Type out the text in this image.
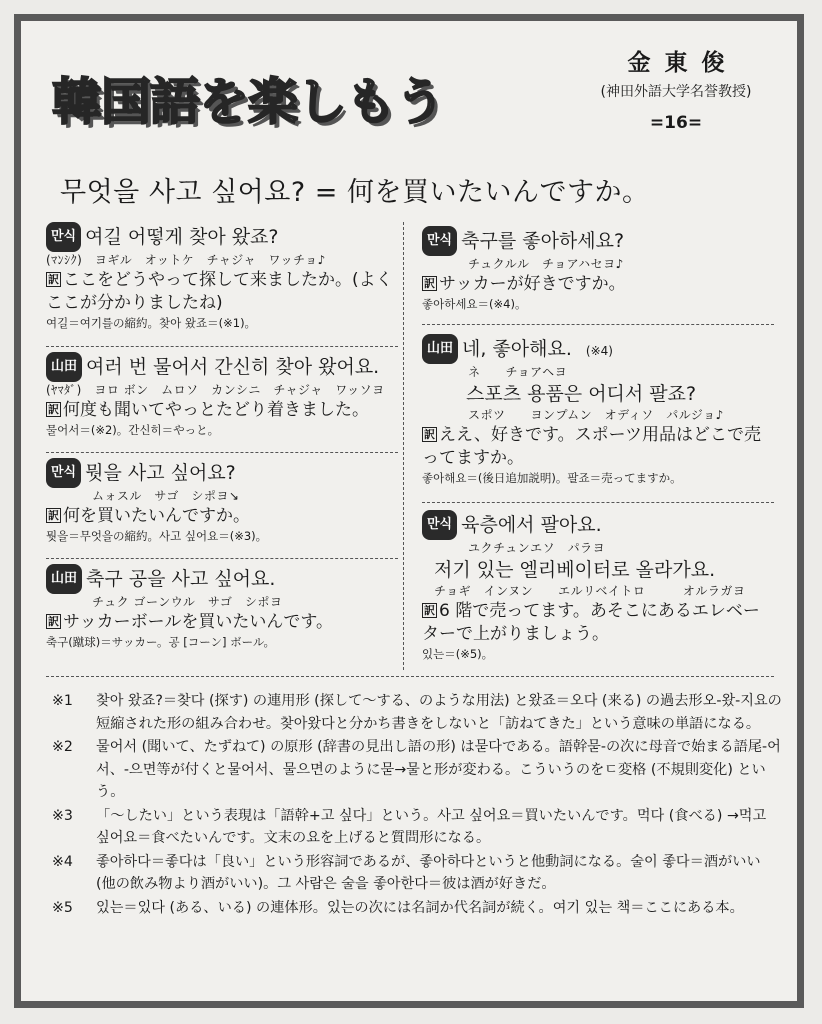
韓国語を楽しもう
金東俊
(神田外語大学名誉教授)
=16=
무엇을 사고 싶어요? = 何を買いたいんですか。
만식 여길 어떻게 찾아 왔죠?
(ﾏﾝｼｸ)　ヨギル　オットケ　チャジャ　ワッチョ♪
訳 ここをどうやって探して来ましたか。(よくここが分かりましたね)
여길＝여기를の縮約。찾아 왔죠＝(※1)。
山田 여러 번 물어서 간신히 찾아 왔어요.
(ﾔﾏﾀﾞ)　ヨロ ボン　ムロソ　カンシニ　チャジャ　ワッソヨ
訳 何度も聞いてやっとたどり着きました。
물어서＝(※2)。간신히＝やっと。
만식 뭣을 사고 싶어요?
ムォスル　サゴ　シポヨ↘
訳 何を買いたいんですか。
뭣을＝무엇을の縮約。사고 싶어요＝(※3)。
山田 축구 공을 사고 싶어요.
チュク ゴーンウル　サゴ　シポヨ
訳 サッカーボールを買いたいんです。
축구(蹴球)＝サッカー。공 [コーン] ボール。
만식 축구를 좋아하세요?
チュクルル　チョアハセヨ♪
訳 サッカーが好きですか。
좋아하세요＝(※4)。
山田 네, 좋아해요. (※4)
ネ　　チョアヘヨ
스포츠 용품은 어디서 팔죠?
スポツ　　ヨンプムン　オディソ　パルジョ♪
訳 ええ、好きです。スポーツ用品はどこで売ってますか。
좋아해요＝(後日追加説明)。팔죠＝売ってますか。
만식 육층에서 팔아요.
ユクチュンエソ　パラヨ
저기 있는 엘리베이터로 올라가요.
チョギ　インヌン　　エルリベイトロ　　　オルラガヨ
訳 6 階で売ってます。あそこにあるエレベーターで上がりましょう。
있는＝(※5)。
※1	찾아 왔죠?＝찾다 (探す) の連用形 (探して〜する、のような用法) と왔죠＝오다 (来る) の過去形오-왔-지요の短縮された形の組み合わせ。찾아왔다と分かち書きをしないと「訪ねてきた」という意味の単語になる。
※2	물어서 (聞いて、たずねて) の原形 (辞書の見出し語の形) は묻다である。語幹묻-の次に母音で始まる語尾-어서、-으면等が付くと물어서、물으면のように묻→물と形が変わる。こういうのをㄷ変格 (不規則変化) という。
※3	「〜したい」という表現は「語幹+고 싶다」という。사고 싶어요＝買いたいんです。먹다 (食べる) →먹고 싶어요＝食べたいんです。文末の요を上げると質問形になる。
※4	좋아하다＝좋다は「良い」という形容詞であるが、좋아하다というと他動詞になる。술이 좋다＝酒がいい (他の飲み物より酒がいい)。그 사람은 술을 좋아한다＝彼は酒が好きだ。
※5	있는＝있다 (ある、いる) の連体形。있는の次には名詞か代名詞が続く。여기 있는 책＝ここにある本。
